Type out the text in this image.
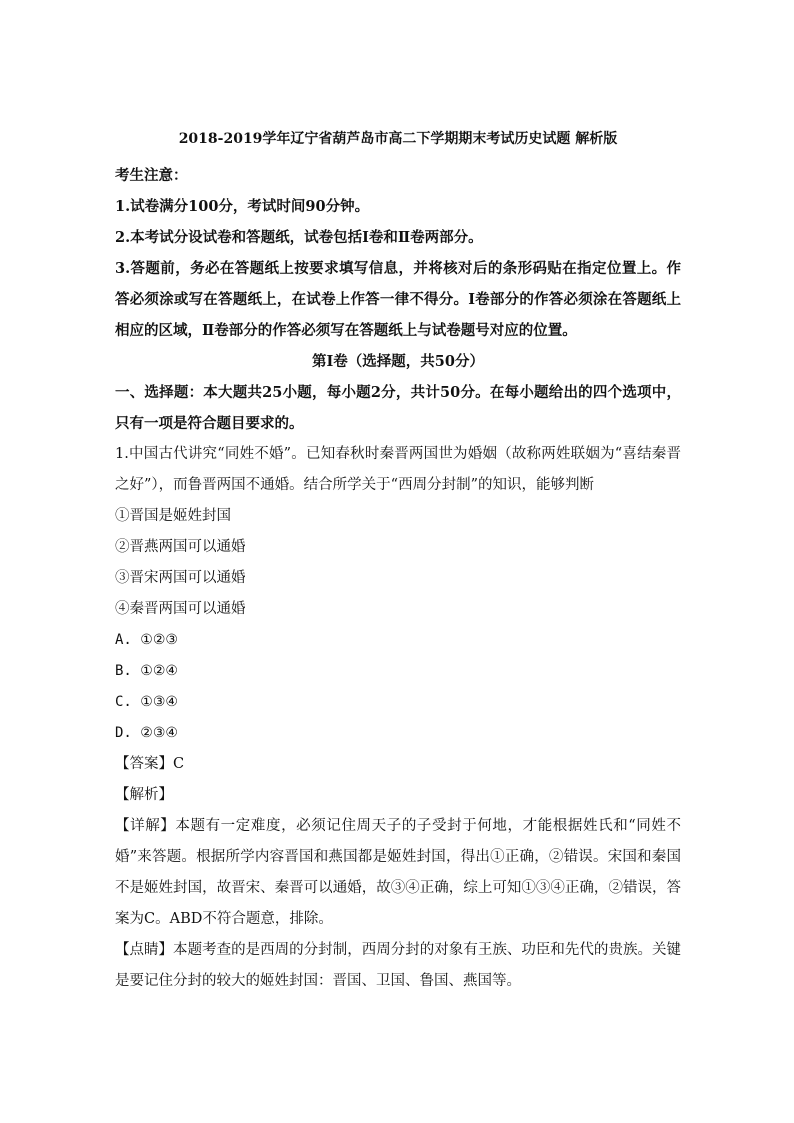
2018-2019学年辽宁省葫芦岛市高二下学期期末考试历史试题 解析版

考生注意：

1.试卷满分100分，考试时间90分钟。

2.本考试分设试卷和答题纸，试卷包括Ⅰ卷和Ⅱ卷两部分。

3.答题前，务必在答题纸上按要求填写信息，并将核对后的条形码贴在指定位置上。作答必须涂或写在答题纸上，在试卷上作答一律不得分。Ⅰ卷部分的作答必须涂在答题纸上相应的区域，Ⅱ卷部分的作答必须写在答题纸上与试卷题号对应的位置。

第Ⅰ卷（选择题，共50分）

一、选择题：本大题共25小题，每小题2分，共计50分。在每小题给出的四个选项中，只有一项是符合题目要求的。

1.中国古代讲究“同姓不婚”。已知春秋时秦晋两国世为婚姻（故称两姓联姻为“喜结秦晋之好”），而鲁晋两国不通婚。结合所学关于“西周分封制”的知识，能够判断

①晋国是姬姓封国

②晋燕两国可以通婚

③晋宋两国可以通婚

④秦晋两国可以通婚

A. ①②③

B. ①②④

C. ①③④

D. ②③④

【答案】C

【解析】

【详解】本题有一定难度，必须记住周天子的子受封于何地，才能根据姓氏和“同姓不婚”来答题。根据所学内容晋国和燕国都是姬姓封国，得出①正确，②错误。宋国和秦国不是姬姓封国，故晋宋、秦晋可以通婚，故③④正确，综上可知①③④正确，②错误，答案为C。ABD不符合题意，排除。

【点睛】本题考查的是西周的分封制，西周分封的对象有王族、功臣和先代的贵族。关键是要记住分封的较大的姬姓封国：晋国、卫国、鲁国、燕国等。
